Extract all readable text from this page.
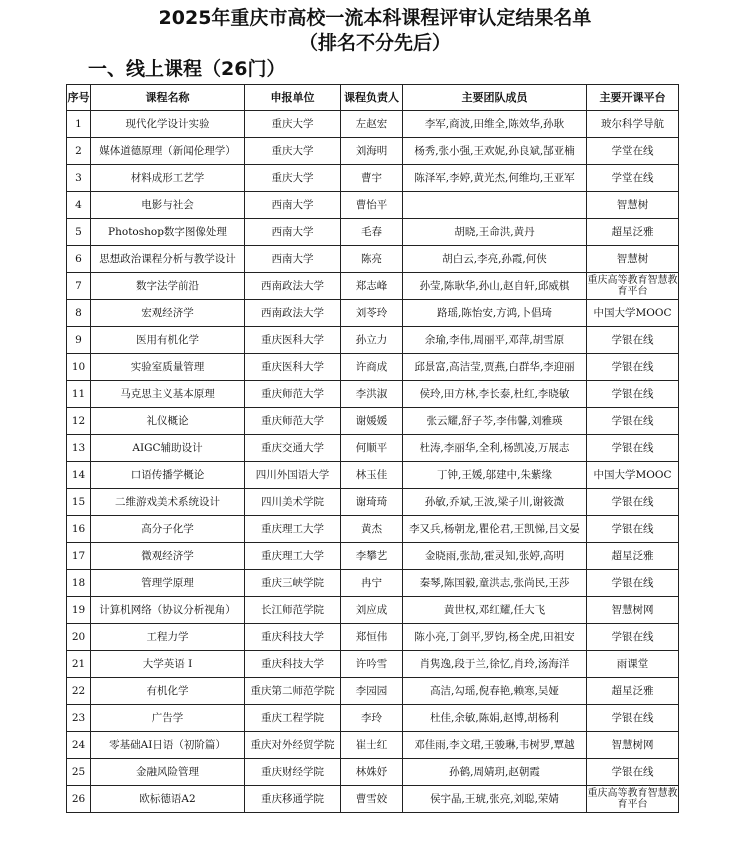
2025年重庆市高校一流本科课程评审认定结果名单
（排名不分先后）
一、线上课程（26门）
序号	课程名称	申报单位	课程负责人	主要团队成员	主要开课平台
1	现代化学设计实验	重庆大学	左赵宏	李军,商波,田维全,陈效华,孙耿	玻尔科学导航
2	媒体道德原理（新闻伦理学）	重庆大学	刘海明	杨秀,张小强,王欢妮,孙良斌,郜亚楠	学堂在线
3	材料成形工艺学	重庆大学	曹宇	陈泽军,李婷,黄光杰,何维均,王亚军	学堂在线
4	电影与社会	西南大学	曹怡平		智慧树
5	Photoshop数字图像处理	西南大学	毛春	胡晓,王命洪,黄丹	超星泛雅
6	思想政治课程分析与教学设计	西南大学	陈亮	胡白云,李亮,孙霞,何侠	智慧树
7	数字法学前沿	西南政法大学	郑志峰	孙莹,陈耿华,孙山,赵自轩,邱威棋	重庆高等教育智慧教育平台
8	宏观经济学	西南政法大学	刘苓玲	路瑶,陈怡安,方鸿,卜倡琦	中国大学MOOC
9	医用有机化学	重庆医科大学	孙立力	余瑜,李伟,周丽平,邓萍,胡雪原	学银在线
10	实验室质量管理	重庆医科大学	许商成	邱景富,高洁莹,贾燕,白群华,李迎丽	学银在线
11	马克思主义基本原理	重庆师范大学	李洪淑	侯玲,田方林,李长泰,杜红,李晓敏	学银在线
12	礼仪概论	重庆师范大学	谢媛媛	张云耀,舒子芩,李伟馨,刘雅瑛	学银在线
13	AIGC辅助设计	重庆交通大学	何顺平	杜涛,李丽华,全利,杨凯凌,万展志	学银在线
14	口语传播学概论	四川外国语大学	林玉佳	丁钟,王媛,邬建中,朱紫缘	中国大学MOOC
15	二维游戏美术系统设计	四川美术学院	谢琦琦	孙敏,乔斌,王波,梁子川,谢筱溦	学银在线
16	高分子化学	重庆理工大学	黄杰	李又兵,杨朝龙,瞿伦君,王凯悌,吕文晏	学银在线
17	微观经济学	重庆理工大学	李攀艺	金晓雨,张劼,霍灵知,张婷,高明	超星泛雅
18	管理学原理	重庆三峡学院	冉宁	秦琴,陈国毅,童洪志,张尚民,王莎	学银在线
19	计算机网络（协议分析视角）	长江师范学院	刘应成	黄世权,邓红耀,任大飞	智慧树网
20	工程力学	重庆科技大学	郑恒伟	陈小亮,丁剑平,罗钧,杨全虎,田祖安	学银在线
21	大学英语 I	重庆科技大学	许吟雪	肖隽逸,段于兰,徐忆,肖玲,汤海洋	雨课堂
22	有机化学	重庆第二师范学院	李园园	高洁,勾瑶,倪春艳,赖寒,吴娅	超星泛雅
23	广告学	重庆工程学院	李玲	杜佳,余敏,陈娟,赵博,胡杨利	学银在线
24	零基础AI日语（初阶篇）	重庆对外经贸学院	崔士红	邓佳雨,李文珺,王骏琳,韦树罗,覃越	智慧树网
25	金融风险管理	重庆财经学院	林姝妤	孙鹤,周婧玥,赵朝霞	学银在线
26	欧标德语A2	重庆移通学院	曹雪姣	侯宇晶,王琥,张亮,刘聪,荣婧	重庆高等教育智慧教育平台
